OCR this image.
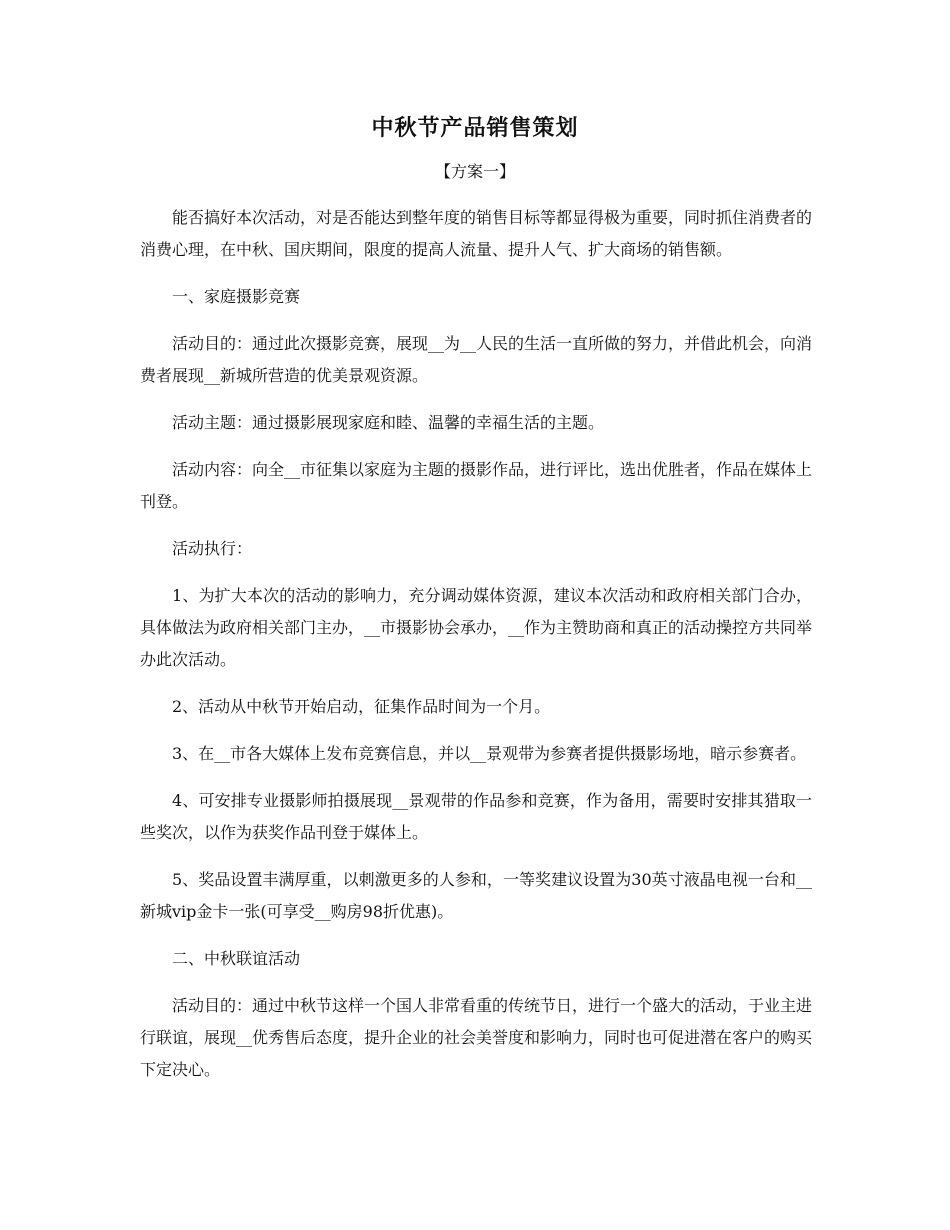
中秋节产品销售策划
【方案一】

能否搞好本次活动，对是否能达到整年度的销售目标等都显得极为重要，同时抓住消费者的消费心理，在中秋、国庆期间，限度的提高人流量、提升人气、扩大商场的销售额。

一、家庭摄影竞赛

活动目的：通过此次摄影竞赛，展现__为__人民的生活一直所做的努力，并借此机会，向消费者展现__新城所营造的优美景观资源。

活动主题：通过摄影展现家庭和睦、温馨的幸福生活的主题。

活动内容：向全__市征集以家庭为主题的摄影作品，进行评比，选出优胜者，作品在媒体上刊登。

活动执行：

1、为扩大本次的活动的影响力，充分调动媒体资源，建议本次活动和政府相关部门合办，具体做法为政府相关部门主办，__市摄影协会承办，__作为主赞助商和真正的活动操控方共同举办此次活动。

2、活动从中秋节开始启动，征集作品时间为一个月。

3、在__市各大媒体上发布竞赛信息，并以__景观带为参赛者提供摄影场地，暗示参赛者。

4、可安排专业摄影师拍摄展现__景观带的作品参和竞赛，作为备用，需要时安排其猎取一些奖次，以作为获奖作品刊登于媒体上。

5、奖品设置丰满厚重，以刺激更多的人参和，一等奖建议设置为30英寸液晶电视一台和__新城vip金卡一张(可享受__购房98折优惠)。

二、中秋联谊活动

活动目的：通过中秋节这样一个国人非常看重的传统节日，进行一个盛大的活动，于业主进行联谊，展现__优秀售后态度，提升企业的社会美誉度和影响力，同时也可促进潜在客户的购买下定决心。
